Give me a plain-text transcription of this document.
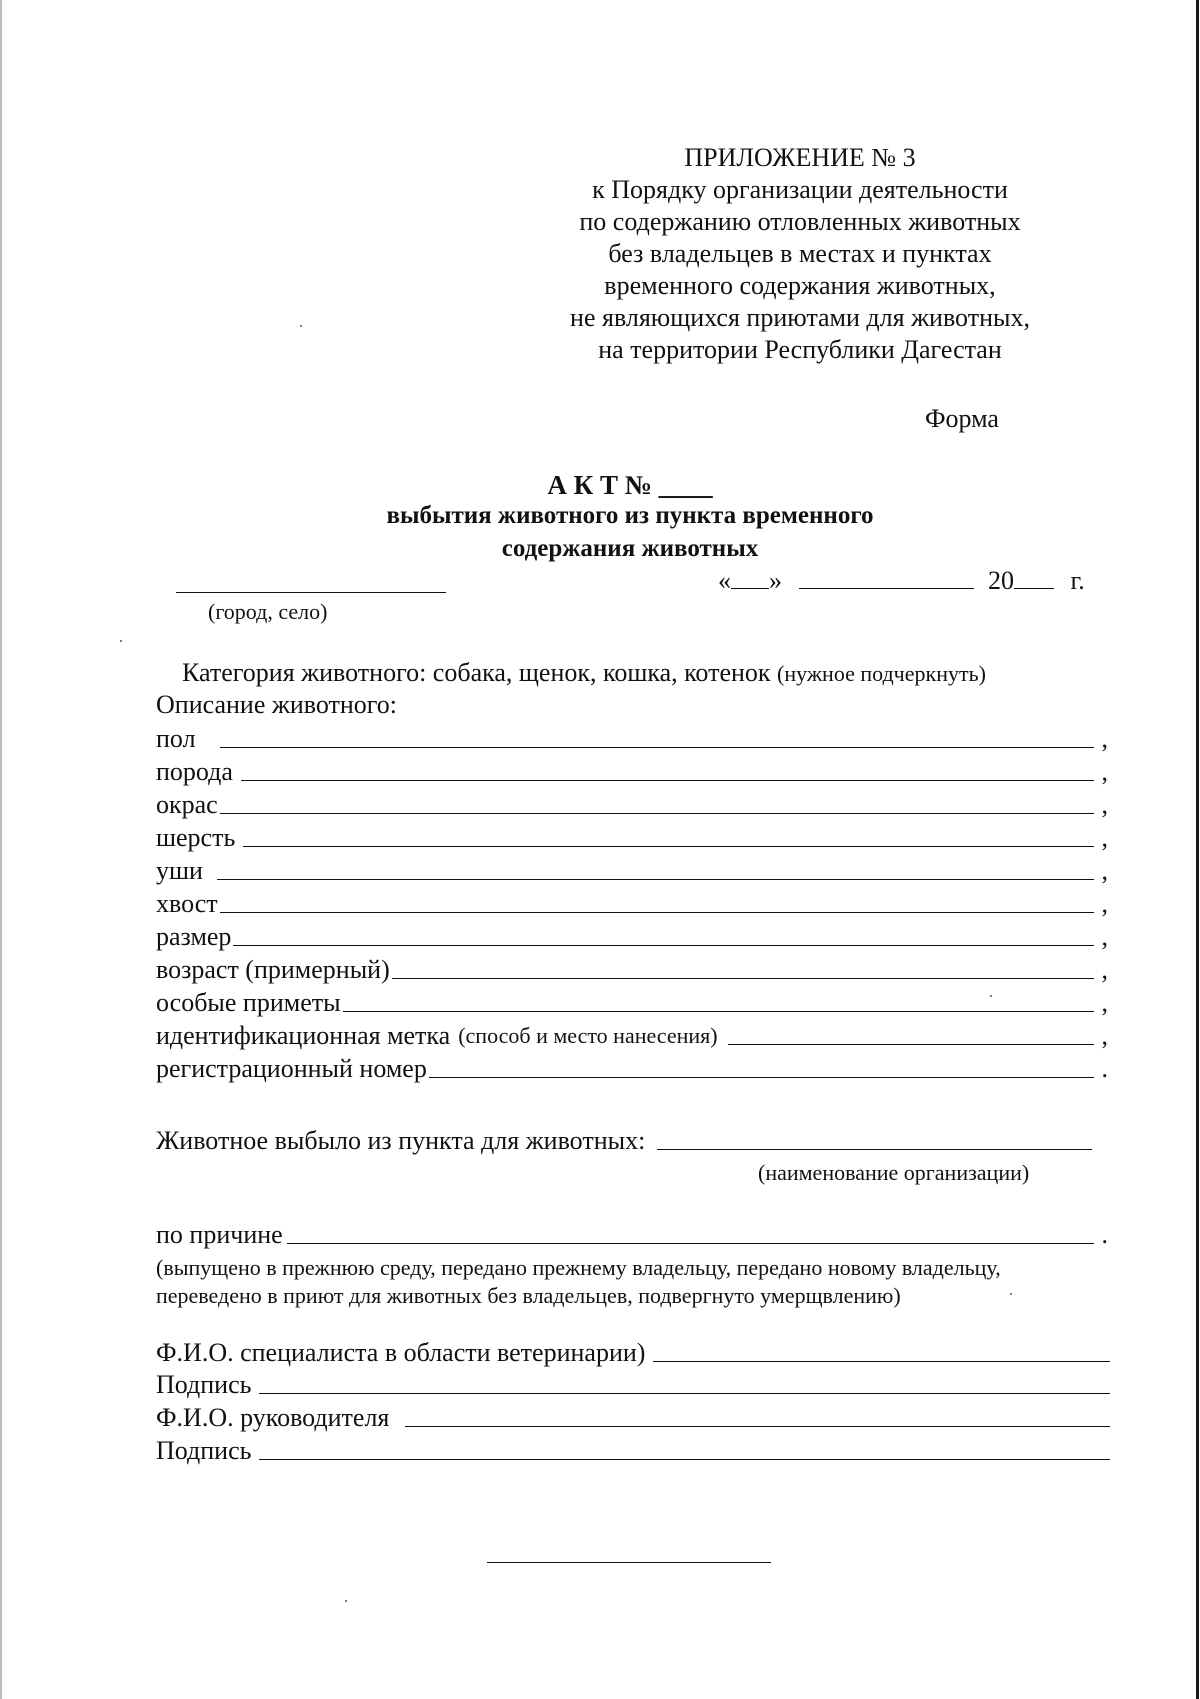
ПРИЛОЖЕНИЕ № 3
к Порядку организации деятельности
по содержанию отловленных животных
без владельцев в местах и пунктах
временного содержания животных,
не являющихся приютами для животных,
на территории Республики Дагестан
Форма
А К Т № ____
выбытия животного из пункта временного
содержания животных
(город, село)
« »	20 г.
Категория животного: собака, щенок, кошка, котенок (нужное подчеркнуть)
Описание животного:
пол	,
порода	,
окрас	,
шерсть	,
уши	,
хвост	,
размер	,
возраст (примерный)	,
особые приметы	,
идентификационная метка (способ и место нанесения)	,
регистрационный номер	.
Животное выбыло из пункта для животных:
(наименование организации)
по причине	.
(выпущено в прежнюю среду, передано прежнему владельцу, передано новому владельцу, переведено в приют для животных без владельцев, подвергнуто умерщвлению)
Ф.И.О. специалиста в области ветеринарии)
Подпись
Ф.И.О. руководителя
Подпись
